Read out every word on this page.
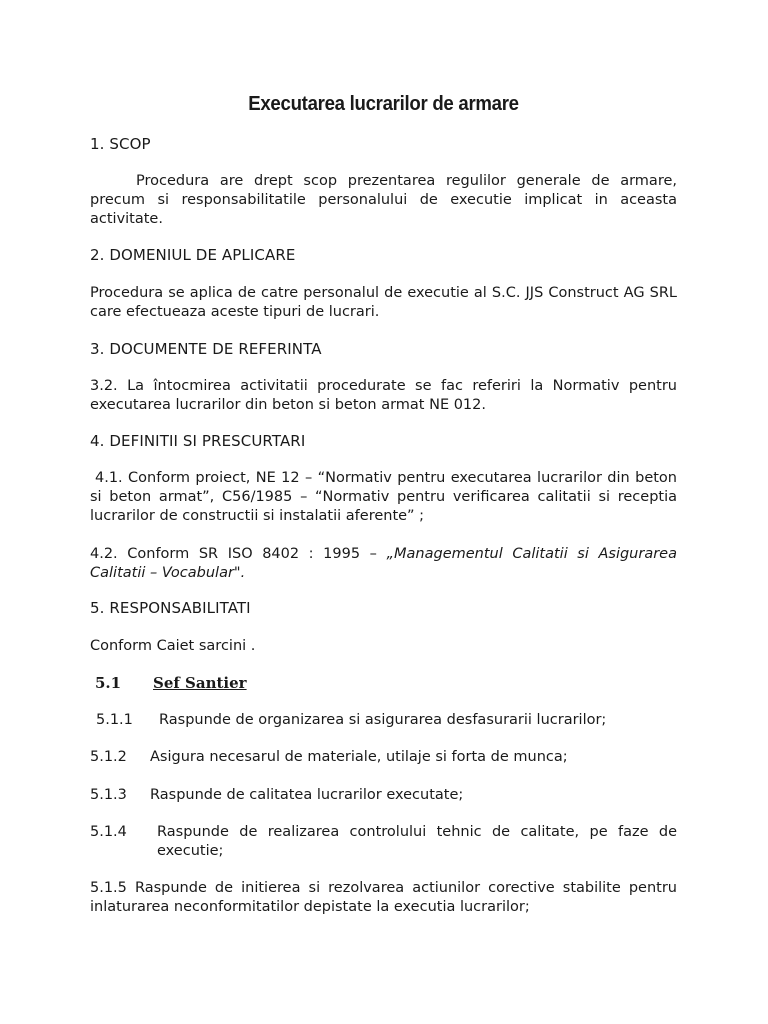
Executarea lucrarilor de armare
1. SCOP
Procedura are drept scop prezentarea regulilor generale de armare, precum si responsabilitatile personalului de executie implicat in aceasta activitate.
2. DOMENIUL DE APLICARE
Procedura se aplica de catre personalul de executie al S.C. JJS Construct AG SRL care efectueaza aceste tipuri de lucrari.
3. DOCUMENTE DE REFERINTA
3.2. La întocmirea activitatii procedurate se fac referiri la Normativ pentru executarea lucrarilor din beton si beton armat NE 012.
4. DEFINITII SI PRESCURTARI
4.1. Conform proiect, NE 12 – “Normativ pentru executarea lucrarilor din beton si beton armat”, C56/1985 – “Normativ pentru verificarea calitatii si receptia lucrarilor de constructii si instalatii aferente” ;
4.2. Conform SR ISO 8402 : 1995 – „Managementul Calitatii si Asigurarea Calitatii – Vocabular".
5. RESPONSABILITATI
Conform Caiet sarcini .
5.1 Sef Santier
5.1.1 Raspunde de organizarea si asigurarea desfasurarii lucrarilor;
5.1.2 Asigura necesarul de materiale, utilaje si forta de munca;
5.1.3 Raspunde de calitatea lucrarilor executate;
5.1.4 Raspunde de realizarea controlului tehnic de calitate, pe faze de executie;
5.1.5 Raspunde de initierea si rezolvarea actiunilor corective stabilite pentru inlaturarea neconformitatilor depistate la executia lucrarilor;
